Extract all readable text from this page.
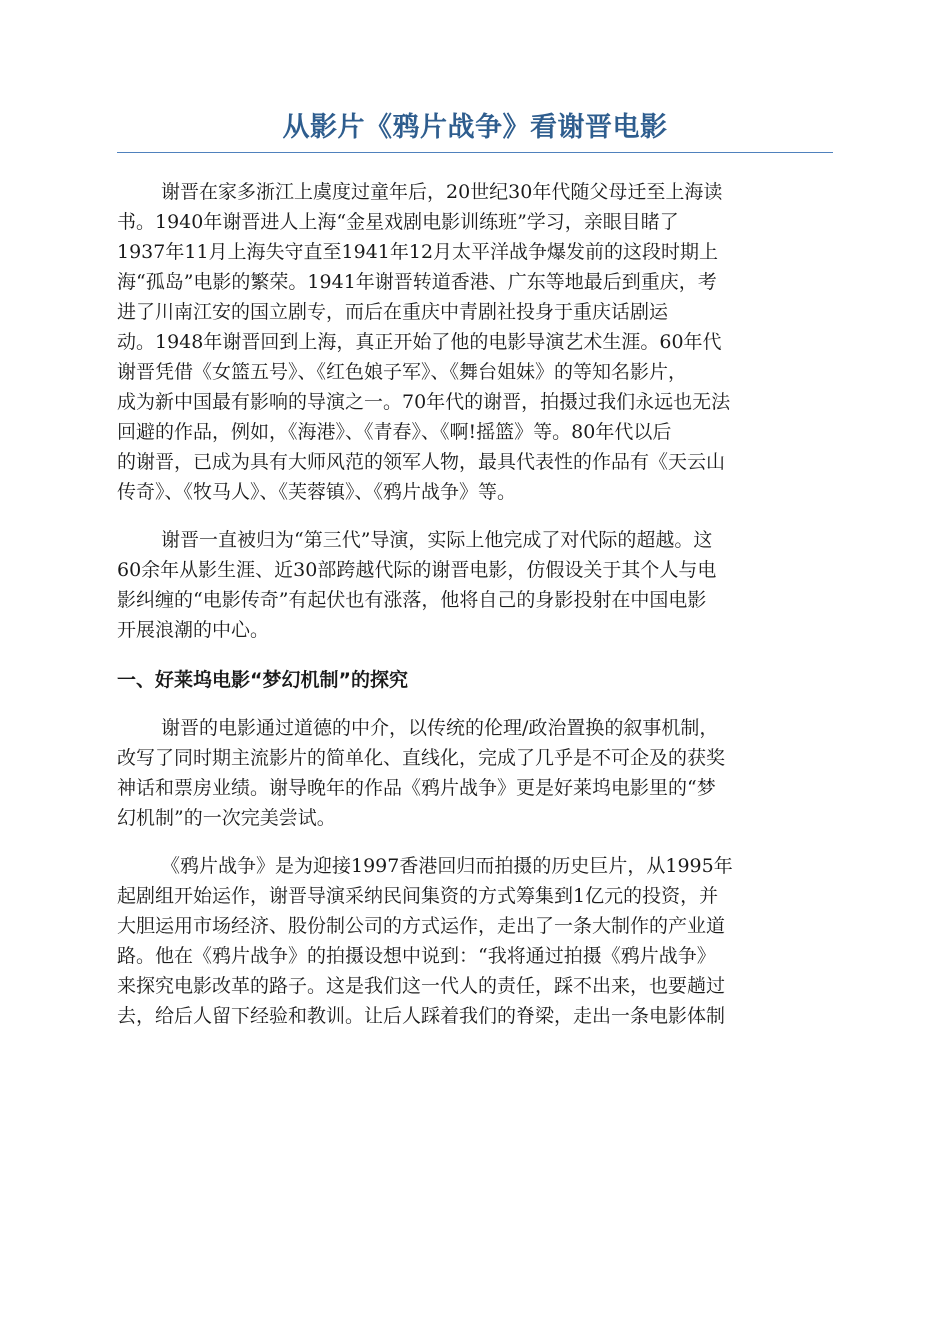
从影片《鸦片战争》看谢晋电影
谢晋在家多浙江上虞度过童年后，20世纪30年代随父母迁至上海读
书。1940年谢晋进人上海“金星戏剧电影训练班”学习，亲眼目睹了
1937年11月上海失守直至1941年12月太平洋战争爆发前的这段时期上
海“孤岛”电影的繁荣。1941年谢晋转道香港、广东等地最后到重庆，考
进了川南江安的国立剧专，而后在重庆中青剧社投身于重庆话剧运
动。1948年谢晋回到上海，真正开始了他的电影导演艺术生涯。60年代
谢晋凭借《女篮五号》、《红色娘子军》、《舞台姐妹》的等知名影片，
成为新中国最有影响的导演之一。70年代的谢晋，拍摄过我们永远也无法
回避的作品，例如，《海港》、《青春》、《啊!摇篮》等。80年代以后
的谢晋，已成为具有大师风范的领军人物，最具代表性的作品有《天云山
传奇》、《牧马人》、《芙蓉镇》、《鸦片战争》等。
谢晋一直被归为“第三代”导演，实际上他完成了对代际的超越。这
60余年从影生涯、近30部跨越代际的谢晋电影，仿假设关于其个人与电
影纠缠的“电影传奇”有起伏也有涨落，他将自己的身影投射在中国电影
开展浪潮的中心。
一、好莱坞电影“梦幻机制”的探究
谢晋的电影通过道德的中介，以传统的伦理/政治置换的叙事机制，
改写了同时期主流影片的简单化、直线化，完成了几乎是不可企及的获奖
神话和票房业绩。谢导晚年的作品《鸦片战争》更是好莱坞电影里的“梦
幻机制”的一次完美尝试。
《鸦片战争》是为迎接1997香港回归而拍摄的历史巨片，从1995年
起剧组开始运作，谢晋导演采纳民间集资的方式筹集到1亿元的投资，并
大胆运用市场经济、股份制公司的方式运作，走出了一条大制作的产业道
路。他在《鸦片战争》的拍摄设想中说到：“我将通过拍摄《鸦片战争》
来探究电影改革的路子。这是我们这一代人的责任，踩不出来，也要趟过
去，给后人留下经验和教训。让后人踩着我们的脊梁，走出一条电影体制
